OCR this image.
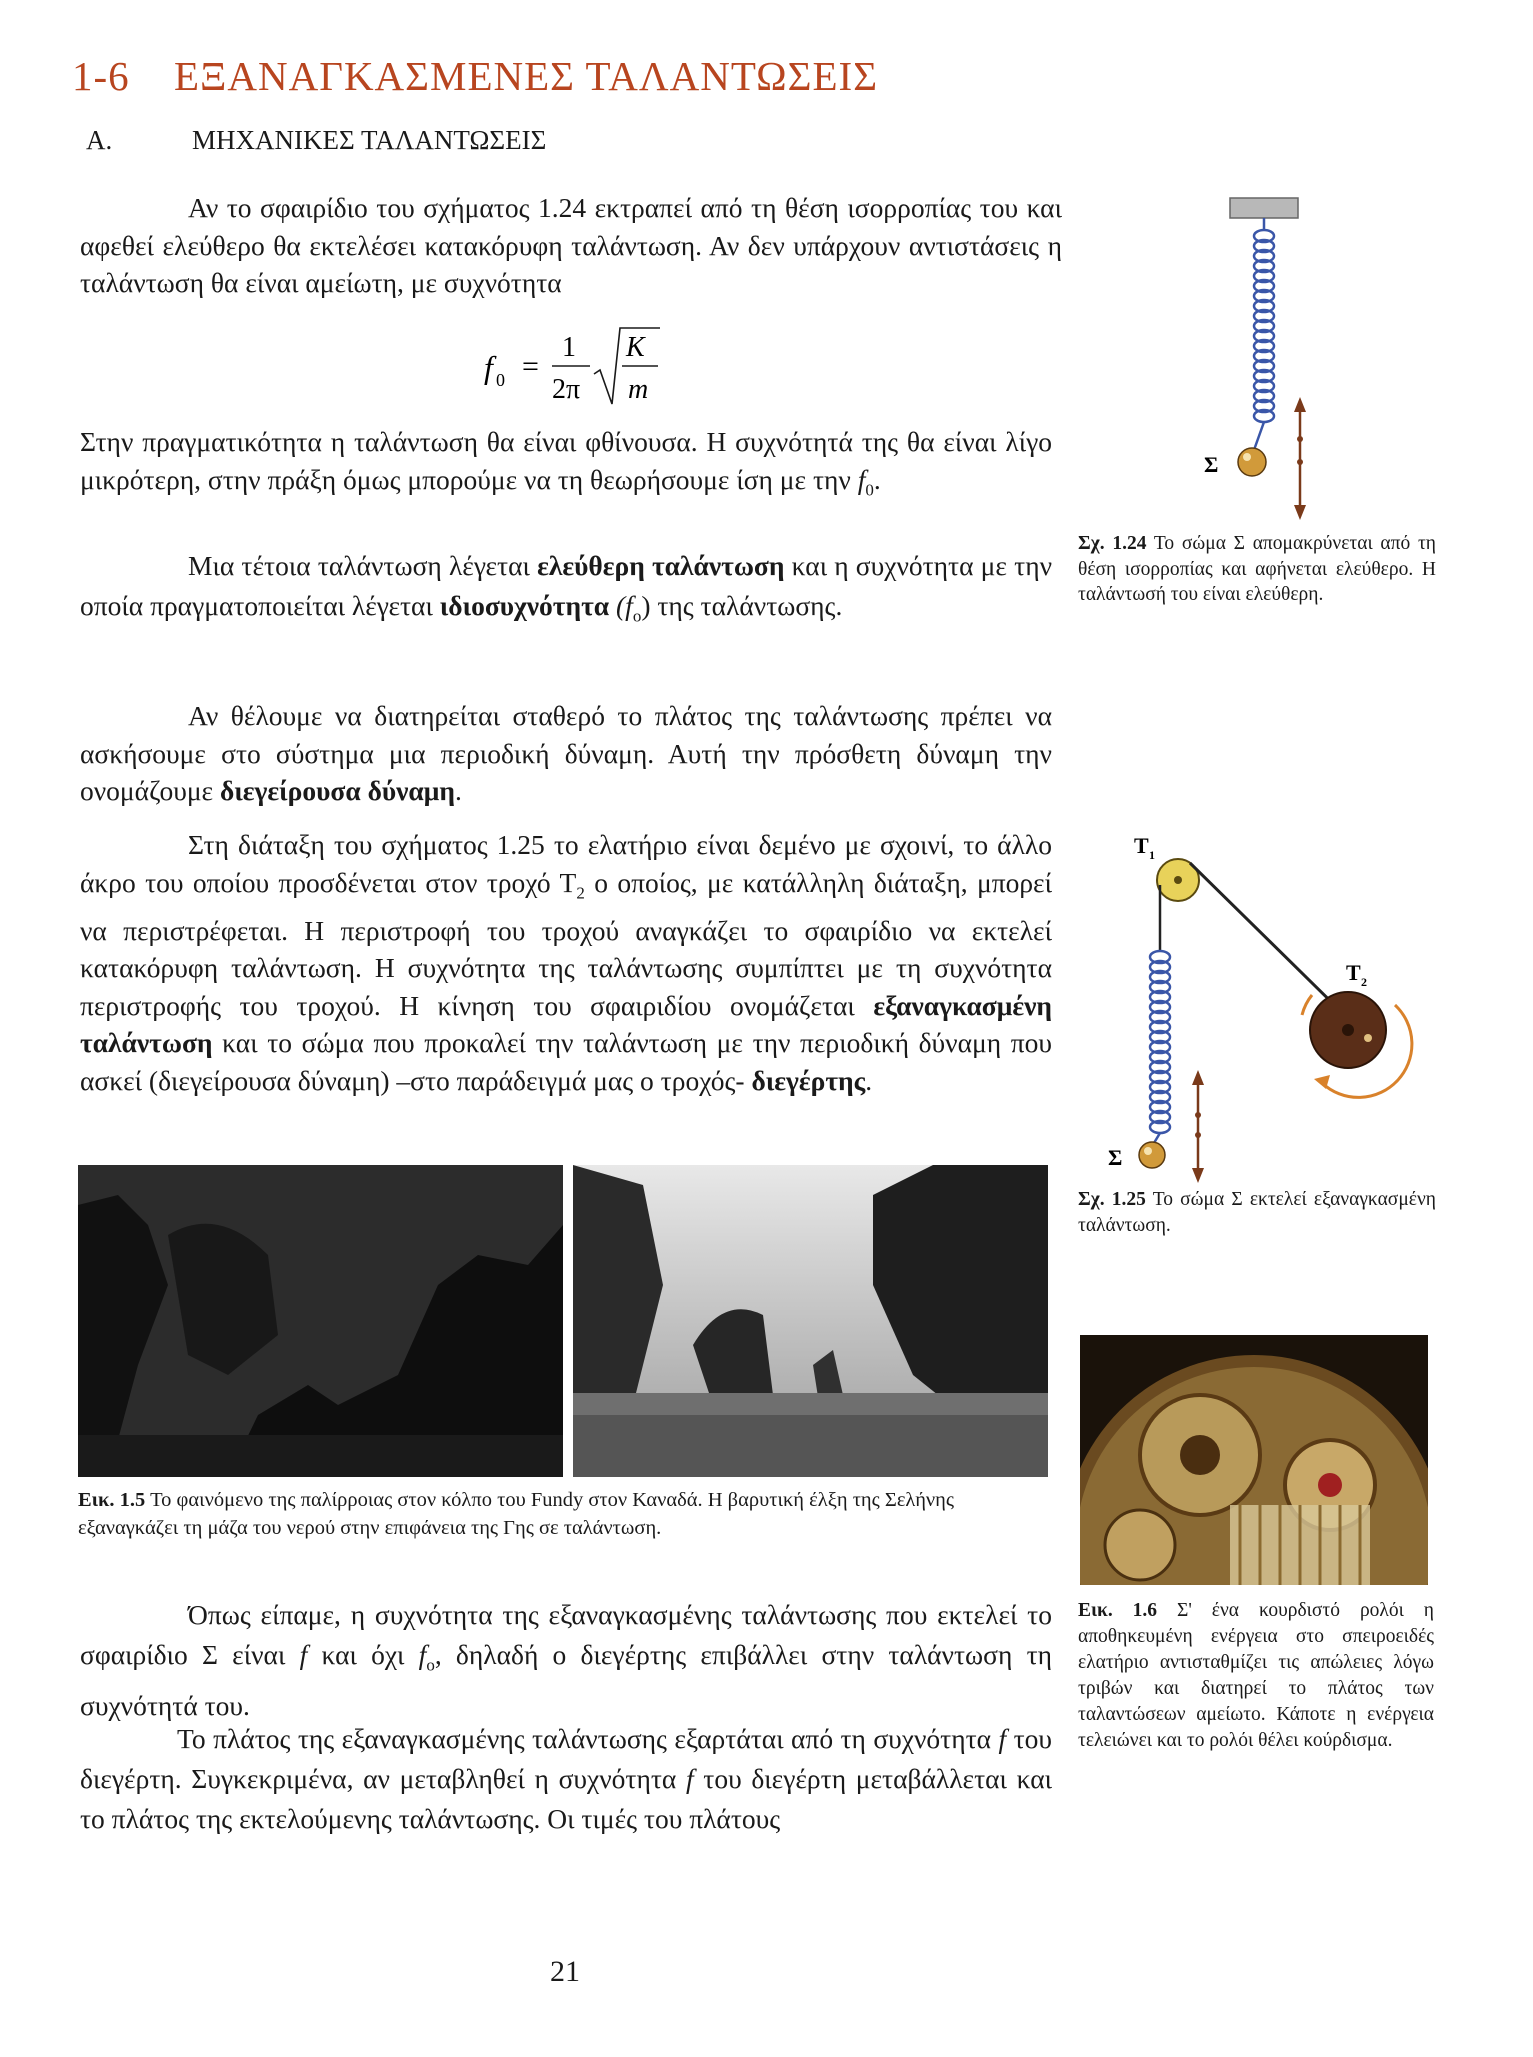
1-6 ΕΞΑΝΑΓΚΑΣΜΕΝΕΣ ΤΑΛΑΝΤΩΣΕΙΣ
Α.	ΜΗΧΑΝΙΚΕΣ ΤΑΛΑΝΤΩΣΕΙΣ
Αν το σφαιρίδιο του σχήματος 1.24 εκτραπεί από τη θέση ισορροπίας του και αφεθεί ελεύθερο θα εκτελέσει κατακόρυφη ταλάντωση. Αν δεν υπάρχουν αντιστάσεις η ταλάντωση θα είναι αμείωτη, με συχνότητα
f 0 =
1
2π
K
m
Στην πραγματικότητα η ταλάντωση θα είναι φθίνουσα. Η συχνότητά της θα είναι λίγο μικρότερη, στην πράξη όμως μπορούμε να τη θεωρήσουμε ίση με την $f_0$.
Μια τέτοια ταλάντωση λέγεται ελεύθερη ταλάντωση και η συχνότητα με την οποία πραγματοποιείται λέγεται ιδιοσυχνότητα $(f_o)$ της ταλάντωσης.
Αν θέλουμε να διατηρείται σταθερό το πλάτος της ταλάντωσης πρέπει να ασκήσουμε στο σύστημα μια περιοδική δύναμη. Αυτή την πρόσθετη δύναμη την ονομάζουμε διεγείρουσα δύναμη.
Στη διάταξη του σχήματος 1.25 το ελατήριο είναι δεμένο με σχοινί, το άλλο άκρο του οποίου προσδένεται στον τροχό $T_2$ ο οποίος, με κατάλληλη διάταξη, μπορεί να περιστρέφεται. Η περιστροφή του τροχού αναγκάζει το σφαιρίδιο να εκτελεί κατακόρυφη ταλάντωση. Η συχνότητα της ταλάντωσης συμπίπτει με τη συχνότητα περιστροφής του τροχού. Η κίνηση του σφαιριδίου ονομάζεται εξαναγκασμένη ταλάντωση και το σώμα που προκαλεί την ταλάντωση με την περιοδική δύναμη που ασκεί (διεγείρουσα δύναμη) –στο παράδειγμά μας ο τροχός- διεγέρτης.
Σ
Σχ. 1.24 Το σώμα Σ απομακρύνεται από τη θέση ισορροπίας και αφήνεται ελεύθερο. Η ταλάντωσή του είναι ελεύθερη.
T 1
T 2
Σ
Σχ. 1.25 Το σώμα Σ εκτελεί εξαναγκασμένη ταλάντωση.
Εικ. 1.5 Το φαινόμενο της παλίρροιας στον κόλπο του Fundy στον Καναδά. Η βαρυτική έλξη της Σελήνης εξαναγκάζει τη μάζα του νερού στην επιφάνεια της Γης σε ταλάντωση.
Εικ. 1.6 Σ' ένα κουρδιστό ρολόι η αποθηκευμένη ενέργεια στο σπειροειδές ελατήριο αντισταθμίζει τις απώλειες λόγω τριβών και διατηρεί το πλάτος των ταλαντώσεων αμείωτο. Κάποτε η ενέργεια τελειώνει και το ρολόι θέλει κούρδισμα.
Όπως είπαμε, η συχνότητα της εξαναγκασμένης ταλάντωσης που εκτελεί το σφαιρίδιο Σ είναι f και όχι $f_o$, δηλαδή ο διεγέρτης επιβάλλει στην ταλάντωση τη συχνότητά του.
Το πλάτος της εξαναγκασμένης ταλάντωσης εξαρτάται από τη συχνότητα f του διεγέρτη. Συγκεκριμένα, αν μεταβληθεί η συχνότητα f του διεγέρτη μεταβάλλεται και το πλάτος της εκτελούμενης ταλάντωσης. Οι τιμές του πλάτους
21
